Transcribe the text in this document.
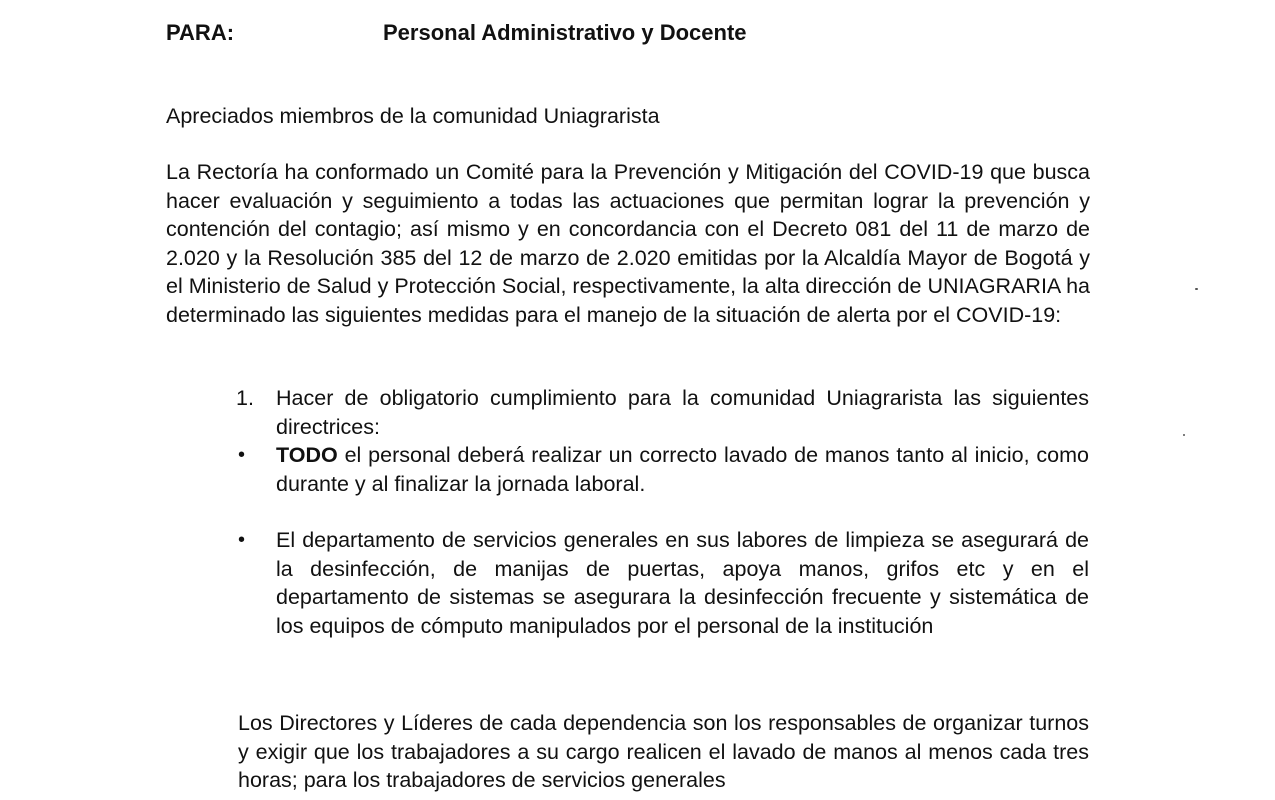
PARA:	Personal Administrativo y Docente
Apreciados miembros de la comunidad Uniagrarista

La Rectoría ha conformado un Comité para la Prevención y Mitigación del COVID-19 que busca hacer evaluación y seguimiento a todas las actuaciones que permitan lograr la prevención y contención del contagio; así mismo y en concordancia con el Decreto 081 del 11 de marzo de 2.020 y la Resolución 385 del 12 de marzo de 2.020 emitidas por la Alcaldía Mayor de Bogotá y el Ministerio de Salud y Protección Social, respectivamente, la alta dirección de UNIAGRARIA ha determinado las siguientes medidas para el manejo de la situación de alerta por el COVID-19:

1.	Hacer de obligatorio cumplimiento para la comunidad Uniagrarista las siguientes directrices:
•	TODO el personal deberá realizar un correcto lavado de manos tanto al inicio, como durante y al finalizar la jornada laboral.
•	El departamento de servicios generales en sus labores de limpieza se asegurará de la desinfección, de manijas de puertas, apoya manos, grifos etc y en el departamento de sistemas se asegurara la desinfección frecuente y sistemática de los equipos de cómputo manipulados por el personal de la institución

Los Directores y Líderes de cada dependencia son los responsables de organizar turnos y exigir que los trabajadores a su cargo realicen el lavado de manos al menos cada tres horas; para los trabajadores de servicios generales
